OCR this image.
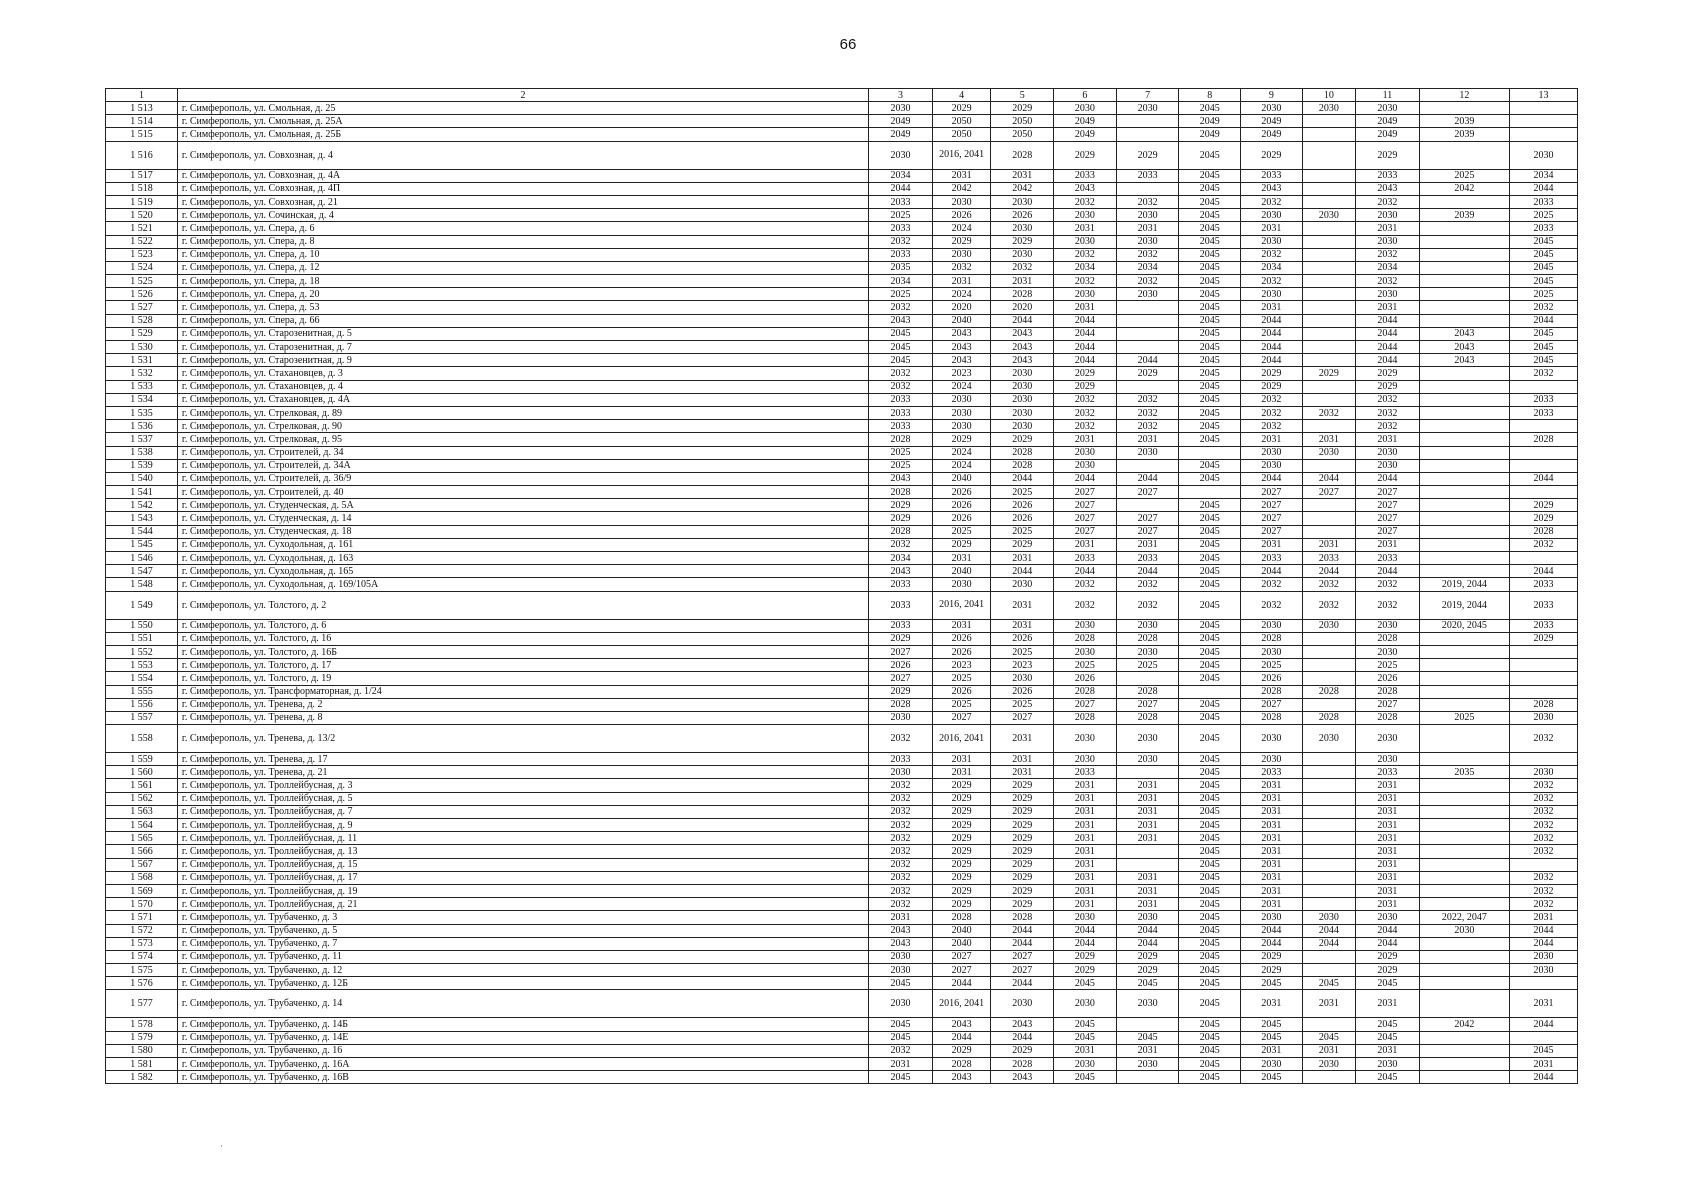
66
1	2	3	4	5	6	7	8	9	10	11	12	13
1 513	г. Симферополь, ул. Смольная, д. 25	2030	2029	2029	2030	2030	2045	2030	2030	2030		
1 514	г. Симферополь, ул. Смольная, д. 25А	2049	2050	2050	2049		2049	2049		2049	2039	
1 515	г. Симферополь, ул. Смольная, д. 25Б	2049	2050	2050	2049		2049	2049		2049	2039	
1 516	г. Симферополь, ул. Совхозная, д. 4	2030	2016, 2041	2028	2029	2029	2045	2029		2029		2030
1 517	г. Симферополь, ул. Совхозная, д. 4А	2034	2031	2031	2033	2033	2045	2033		2033	2025	2034
1 518	г. Симферополь, ул. Совхозная, д. 4П	2044	2042	2042	2043		2045	2043		2043	2042	2044
1 519	г. Симферополь, ул. Совхозная, д. 21	2033	2030	2030	2032	2032	2045	2032		2032		2033
1 520	г. Симферополь, ул. Сочинская, д. 4	2025	2026	2026	2030	2030	2045	2030	2030	2030	2039	2025
1 521	г. Симферополь, ул. Спера, д. 6	2033	2024	2030	2031	2031	2045	2031		2031		2033
1 522	г. Симферополь, ул. Спера, д. 8	2032	2029	2029	2030	2030	2045	2030		2030		2045
1 523	г. Симферополь, ул. Спера, д. 10	2033	2030	2030	2032	2032	2045	2032		2032		2045
1 524	г. Симферополь, ул. Спера, д. 12	2035	2032	2032	2034	2034	2045	2034		2034		2045
1 525	г. Симферополь, ул. Спера, д. 18	2034	2031	2031	2032	2032	2045	2032		2032		2045
1 526	г. Симферополь, ул. Спера, д. 20	2025	2024	2028	2030	2030	2045	2030		2030		2025
1 527	г. Симферополь, ул. Спера, д. 53	2032	2020	2020	2031		2045	2031		2031		2032
1 528	г. Симферополь, ул. Спера, д. 66	2043	2040	2044	2044		2045	2044		2044		2044
1 529	г. Симферополь, ул. Старозенитная, д. 5	2045	2043	2043	2044		2045	2044		2044	2043	2045
1 530	г. Симферополь, ул. Старозенитная, д. 7	2045	2043	2043	2044		2045	2044		2044	2043	2045
1 531	г. Симферополь, ул. Старозенитная, д. 9	2045	2043	2043	2044	2044	2045	2044		2044	2043	2045
1 532	г. Симферополь, ул. Стахановцев, д. 3	2032	2023	2030	2029	2029	2045	2029	2029	2029		2032
1 533	г. Симферополь, ул. Стахановцев, д. 4	2032	2024	2030	2029		2045	2029		2029		
1 534	г. Симферополь, ул. Стахановцев, д. 4А	2033	2030	2030	2032	2032	2045	2032		2032		2033
1 535	г. Симферополь, ул. Стрелковая, д. 89	2033	2030	2030	2032	2032	2045	2032	2032	2032		2033
1 536	г. Симферополь, ул. Стрелковая, д. 90	2033	2030	2030	2032	2032	2045	2032		2032		
1 537	г. Симферополь, ул. Стрелковая, д. 95	2028	2029	2029	2031	2031	2045	2031	2031	2031		2028
1 538	г. Симферополь, ул. Строителей, д. 34	2025	2024	2028	2030	2030		2030	2030	2030		
1 539	г. Симферополь, ул. Строителей, д. 34А	2025	2024	2028	2030		2045	2030		2030		
1 540	г. Симферополь, ул. Строителей, д. 36/9	2043	2040	2044	2044	2044	2045	2044	2044	2044		2044
1 541	г. Симферополь, ул. Строителей, д. 40	2028	2026	2025	2027	2027		2027	2027	2027		
1 542	г. Симферополь, ул. Студенческая, д. 5А	2029	2026	2026	2027		2045	2027		2027		2029
1 543	г. Симферополь, ул. Студенческая, д. 14	2029	2026	2026	2027	2027	2045	2027		2027		2029
1 544	г. Симферополь, ул. Студенческая, д. 18	2028	2025	2025	2027	2027	2045	2027		2027		2028
1 545	г. Симферополь, ул. Суходольная, д. 161	2032	2029	2029	2031	2031	2045	2031	2031	2031		2032
1 546	г. Симферополь, ул. Суходольная, д. 163	2034	2031	2031	2033	2033	2045	2033	2033	2033		
1 547	г. Симферополь, ул. Суходольная, д. 165	2043	2040	2044	2044	2044	2045	2044	2044	2044		2044
1 548	г. Симферополь, ул. Суходольная, д. 169/105А	2033	2030	2030	2032	2032	2045	2032	2032	2032	2019, 2044	2033
1 549	г. Симферополь, ул. Толстого, д. 2	2033	2016, 2041	2031	2032	2032	2045	2032	2032	2032	2019, 2044	2033
1 550	г. Симферополь, ул. Толстого, д. 6	2033	2031	2031	2030	2030	2045	2030	2030	2030	2020, 2045	2033
1 551	г. Симферополь, ул. Толстого, д. 16	2029	2026	2026	2028	2028	2045	2028		2028		2029
1 552	г. Симферополь, ул. Толстого, д. 16Б	2027	2026	2025	2030	2030	2045	2030		2030		
1 553	г. Симферополь, ул. Толстого, д. 17	2026	2023	2023	2025	2025	2045	2025		2025		
1 554	г. Симферополь, ул. Толстого, д. 19	2027	2025	2030	2026		2045	2026		2026		
1 555	г. Симферополь, ул. Трансформаторная, д. 1/24	2029	2026	2026	2028	2028		2028	2028	2028		
1 556	г. Симферополь, ул. Тренева, д. 2	2028	2025	2025	2027	2027	2045	2027		2027		2028
1 557	г. Симферополь, ул. Тренева, д. 8	2030	2027	2027	2028	2028	2045	2028	2028	2028	2025	2030
1 558	г. Симферополь, ул. Тренева, д. 13/2	2032	2016, 2041	2031	2030	2030	2045	2030	2030	2030		2032
1 559	г. Симферополь, ул. Тренева, д. 17	2033	2031	2031	2030	2030	2045	2030		2030		
1 560	г. Симферополь, ул. Тренева, д. 21	2030	2031	2031	2033		2045	2033		2033	2035	2030
1 561	г. Симферополь, ул. Троллейбусная, д. 3	2032	2029	2029	2031	2031	2045	2031		2031		2032
1 562	г. Симферополь, ул. Троллейбусная, д. 5	2032	2029	2029	2031	2031	2045	2031		2031		2032
1 563	г. Симферополь, ул. Троллейбусная, д. 7	2032	2029	2029	2031	2031	2045	2031		2031		2032
1 564	г. Симферополь, ул. Троллейбусная, д. 9	2032	2029	2029	2031	2031	2045	2031		2031		2032
1 565	г. Симферополь, ул. Троллейбусная, д. 11	2032	2029	2029	2031	2031	2045	2031		2031		2032
1 566	г. Симферополь, ул. Троллейбусная, д. 13	2032	2029	2029	2031		2045	2031		2031		2032
1 567	г. Симферополь, ул. Троллейбусная, д. 15	2032	2029	2029	2031		2045	2031		2031		
1 568	г. Симферополь, ул. Троллейбусная, д. 17	2032	2029	2029	2031	2031	2045	2031		2031		2032
1 569	г. Симферополь, ул. Троллейбусная, д. 19	2032	2029	2029	2031	2031	2045	2031		2031		2032
1 570	г. Симферополь, ул. Троллейбусная, д. 21	2032	2029	2029	2031	2031	2045	2031		2031		2032
1 571	г. Симферополь, ул. Трубаченко, д. 3	2031	2028	2028	2030	2030	2045	2030	2030	2030	2022, 2047	2031
1 572	г. Симферополь, ул. Трубаченко, д. 5	2043	2040	2044	2044	2044	2045	2044	2044	2044	2030	2044
1 573	г. Симферополь, ул. Трубаченко, д. 7	2043	2040	2044	2044	2044	2045	2044	2044	2044		2044
1 574	г. Симферополь, ул. Трубаченко, д. 11	2030	2027	2027	2029	2029	2045	2029		2029		2030
1 575	г. Симферополь, ул. Трубаченко, д. 12	2030	2027	2027	2029	2029	2045	2029		2029		2030
1 576	г. Симферополь, ул. Трубаченко, д. 12Б	2045	2044	2044	2045	2045	2045	2045	2045	2045		
1 577	г. Симферополь, ул. Трубаченко, д. 14	2030	2016, 2041	2030	2030	2030	2045	2031	2031	2031		2031
1 578	г. Симферополь, ул. Трубаченко, д. 14Б	2045	2043	2043	2045		2045	2045		2045	2042	2044
1 579	г. Симферополь, ул. Трубаченко, д. 14Е	2045	2044	2044	2045	2045	2045	2045	2045	2045		
1 580	г. Симферополь, ул. Трубаченко, д. 16	2032	2029	2029	2031	2031	2045	2031	2031	2031		2045
1 581	г. Симферополь, ул. Трубаченко, д. 16А	2031	2028	2028	2030	2030	2045	2030	2030	2030		2031
1 582	г. Симферополь, ул. Трубаченко, д. 16В	2045	2043	2043	2045		2045	2045		2045		2044
·
